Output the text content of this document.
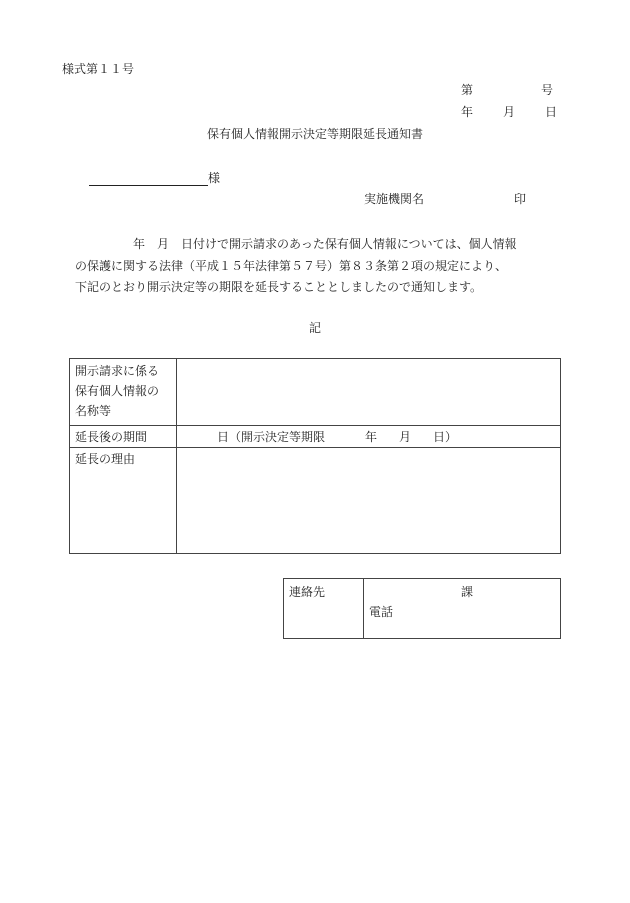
様式第１１号
第	号
年	月	日
保有個人情報開示決定等期限延長通知書
様
実施機関名	印
年　月　日付けで開示請求のあった保有個人情報については、個人情報
の保護に関する法律（平成１５年法律第５７号）第８３条第２項の規定により、
下記のとおり開示決定等の期限を延長することとしましたので通知します。
記
開示請求に係る
保有個人情報の
名称等	

延長後の期間	日（開示決定等期限 年 月 日）
延長の理由	
連絡先	課
電話
